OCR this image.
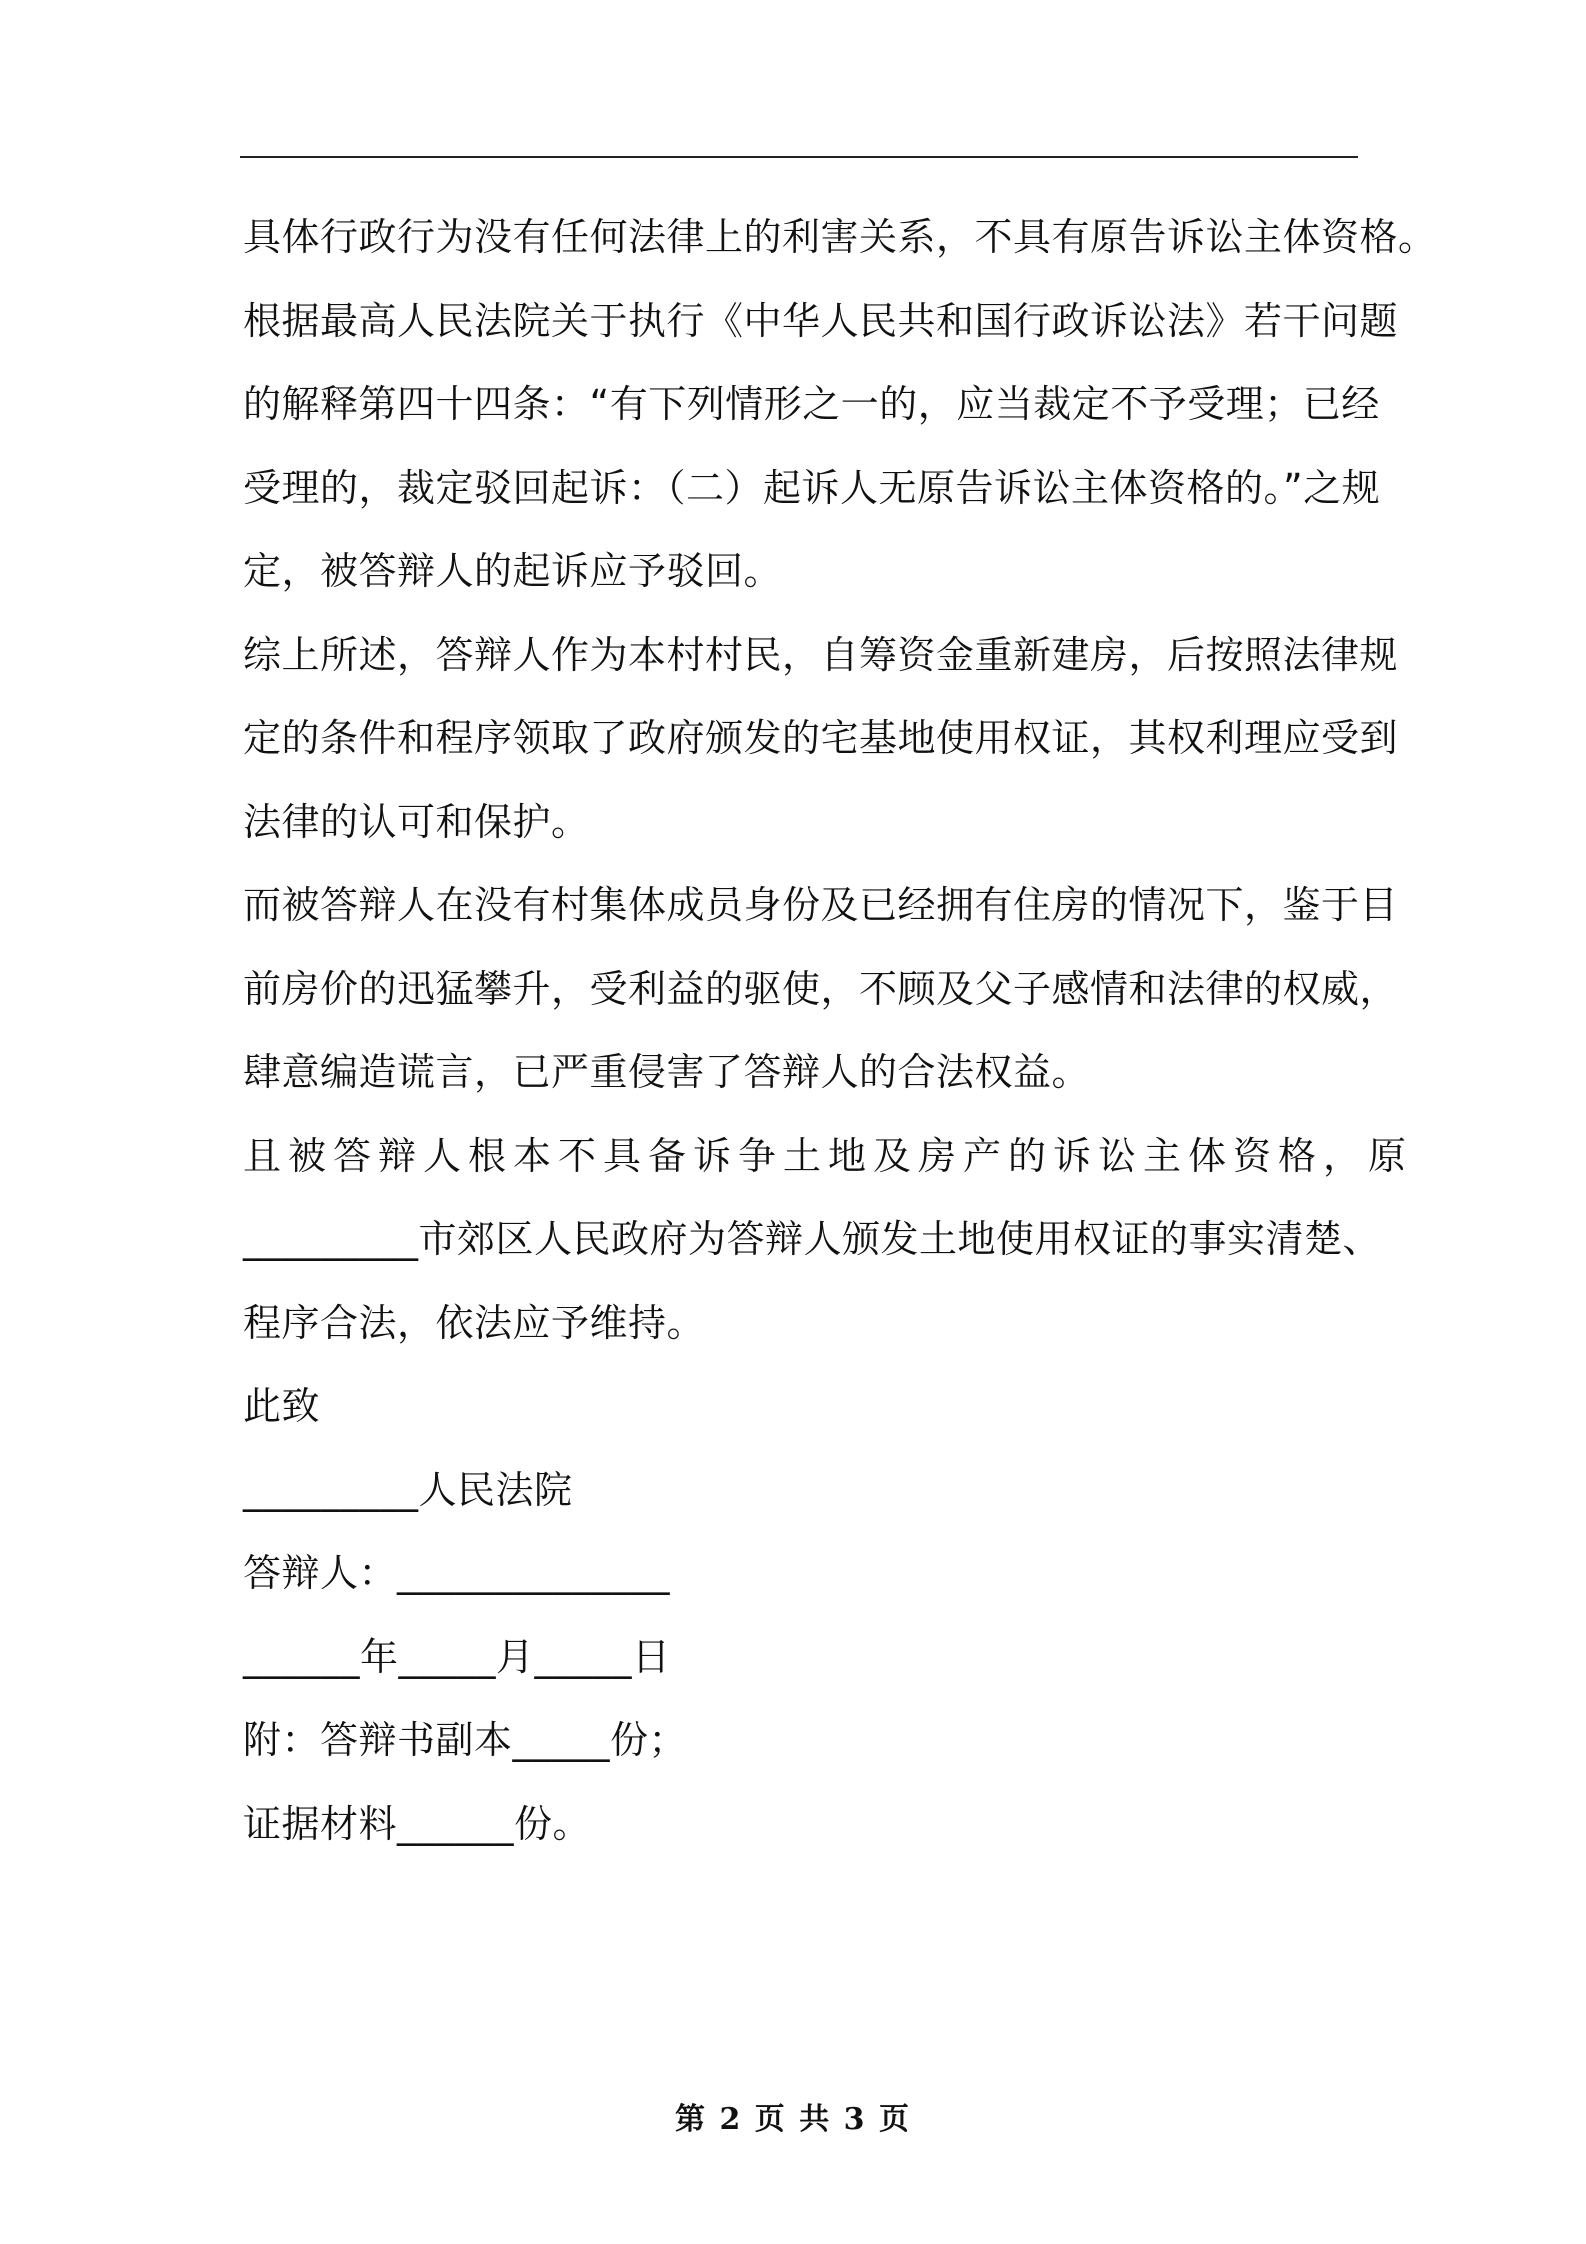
具体行政行为没有任何法律上的利害关系，不具有原告诉讼主体资格。
根据最高人民法院关于执行《中华人民共和国行政诉讼法》若干问题
的解释第四十四条：“有下列情形之一的，应当裁定不予受理；已经
受理的，裁定驳回起诉：（二）起诉人无原告诉讼主体资格的。”之规
定，被答辩人的起诉应予驳回。
综上所述，答辩人作为本村村民，自筹资金重新建房，后按照法律规
定的条件和程序领取了政府颁发的宅基地使用权证，其权利理应受到
法律的认可和保护。
而被答辩人在没有村集体成员身份及已经拥有住房的情况下，鉴于目
前房价的迅猛攀升，受利益的驱使，不顾及父子感情和法律的权威，
肆意编造谎言，已严重侵害了答辩人的合法权益。
且被答辩人根本不具备诉争土地及房产的诉讼主体资格，原
_________市郊区人民政府为答辩人颁发土地使用权证的事实清楚、
程序合法，依法应予维持。
此致
_________人民法院
答辩人：______________
______年_____月_____日
附：答辩书副本_____份；
证据材料______份。
第 2 页 共 3 页
